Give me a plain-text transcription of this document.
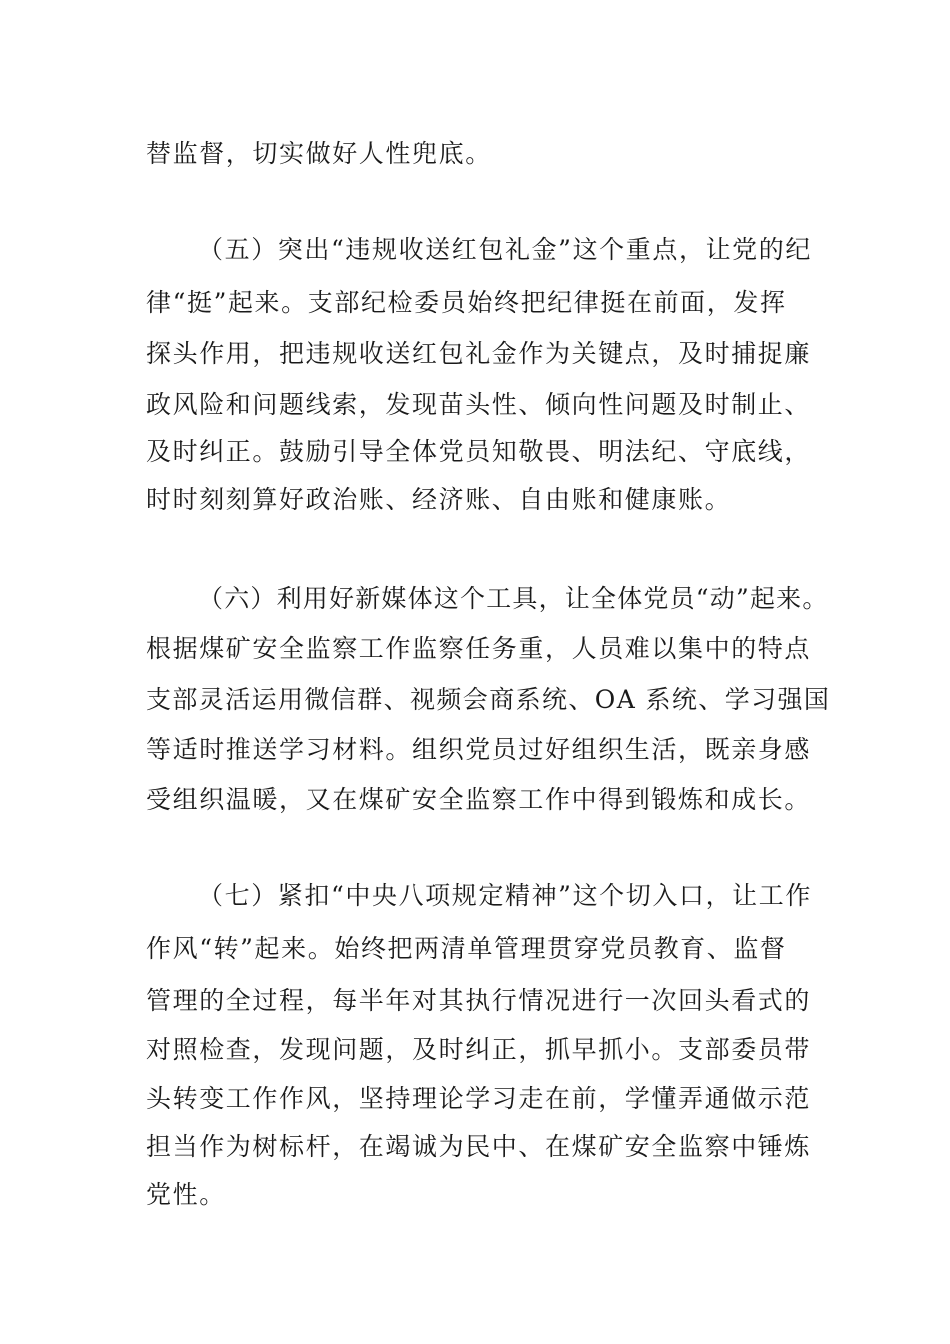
替监督，切实做好人性兜底。
（五）突出“违规收送红包礼金”这个重点，让党的纪
律“挺”起来。支部纪检委员始终把纪律挺在前面，发挥
探头作用，把违规收送红包礼金作为关键点，及时捕捉廉
政风险和问题线索，发现苗头性、倾向性问题及时制止、
及时纠正。鼓励引导全体党员知敬畏、明法纪、守底线，
时时刻刻算好政治账、经济账、自由账和健康账。
（六）利用好新媒体这个工具，让全体党员“动”起来。
根据煤矿安全监察工作监察任务重，人员难以集中的特点
支部灵活运用微信群、视频会商系统、OA 系统、学习强国
等适时推送学习材料。组织党员过好组织生活，既亲身感
受组织温暖，又在煤矿安全监察工作中得到锻炼和成长。
（七）紧扣“中央八项规定精神”这个切入口，让工作
作风“转”起来。始终把两清单管理贯穿党员教育、监督
管理的全过程，每半年对其执行情况进行一次回头看式的
对照检查，发现问题，及时纠正，抓早抓小。支部委员带
头转变工作作风，坚持理论学习走在前，学懂弄通做示范
担当作为树标杆，在竭诚为民中、在煤矿安全监察中锤炼
党性。
